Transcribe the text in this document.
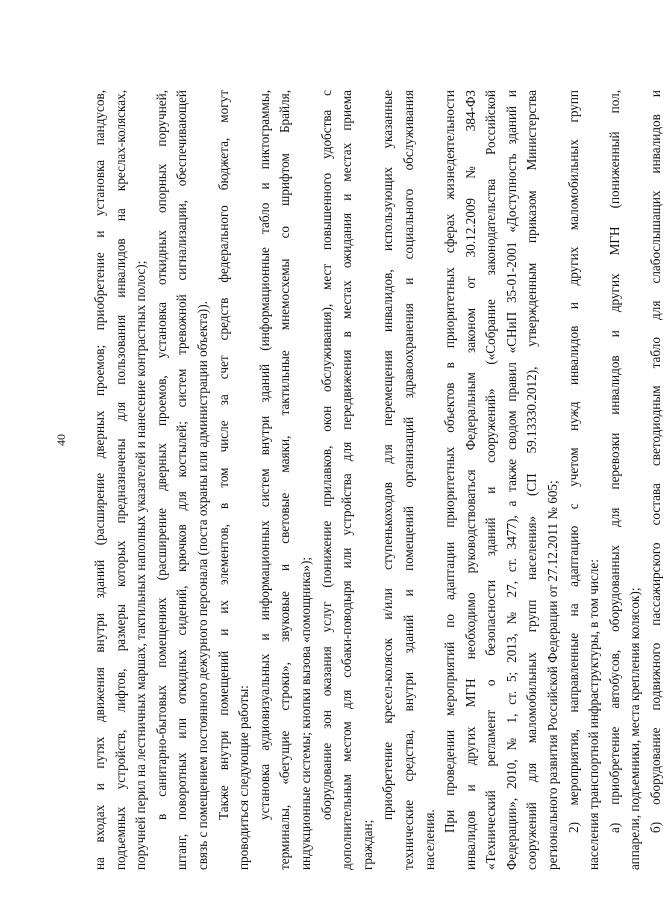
40 на входах и путях движения внутри зданий (расширение дверных проемов; приобретение и установка пандусов, подъемных устройств, лифтов, размеры которых предназначены для пользования инвалидов на креслах-колясках, поручней перил на лестничных маршах, тактильных наполных указателей и нанесение контрастных полос); в санитарно-бытовых помещениях (расширение дверных проемов, установка откидных опорных поручней, штанг, поворотных или откидных сидений, крючков для костылей; систем тревожной сигнализации, обеспечивающей связь с помещением постоянного дежурного персонала (поста охраны или администрации объекта)). Также внутри помещений и их элементов, в том числе за счет средств федерального бюджета, могут проводиться следующие работы: установка аудиовизуальных и информационных систем внутри зданий (информационные табло и пиктограммы, терминалы, «бегущие строки», звуковые и световые маяки, тактильные мнемосхемы со шрифтом Брайля, индукционные системы; кнопки вызова «помощника»); оборудование зон оказания услуг (понижение прилавков, окон обслуживания), мест повышенного удобства с дополнительным местом для собаки-поводыря или устройства для передвижения в местах ожидания и местах приема граждан;
приобретение кресел-колясок и/или ступенькоходов для перемещения инвалидов, использующих указанные технические средства, внутри зданий и помещений организаций здравоохранения и социального обслуживания населения.
При проведении мероприятий по адаптации приоритетных объектов в приоритетных сферах жизнедеятельности инвалидов и других МГН необходимо руководствоваться Федеральным законом от 30.12.2009 № 384-ФЗ «Технический регламент о безопасности зданий и сооружений» («Собрание законодательства Российской Федерации», 2010, № 1, ст. 5; 2013, № 27, ст. 3477), а также сводом правил «СНиП 35-01-2001 «Доступность зданий и сооружений для маломобильных групп населения» (СП 59.13330.2012), утвержденным приказом Министерства регионального развития Российской Федерации от 27.12.2011 № 605; 2) мероприятия, направленные на адаптацию с учетом нужд инвалидов и других маломобильных групп населения транспортной инфраструктуры, в том числе: а) приобретение автобусов, оборудованных для перевозки инвалидов и других МГН (пониженный пол, аппарели, подъемники, места крепления колясок); б) оборудование подвижного пассажирского состава светодиодным табло для слабослышащих инвалидов и
